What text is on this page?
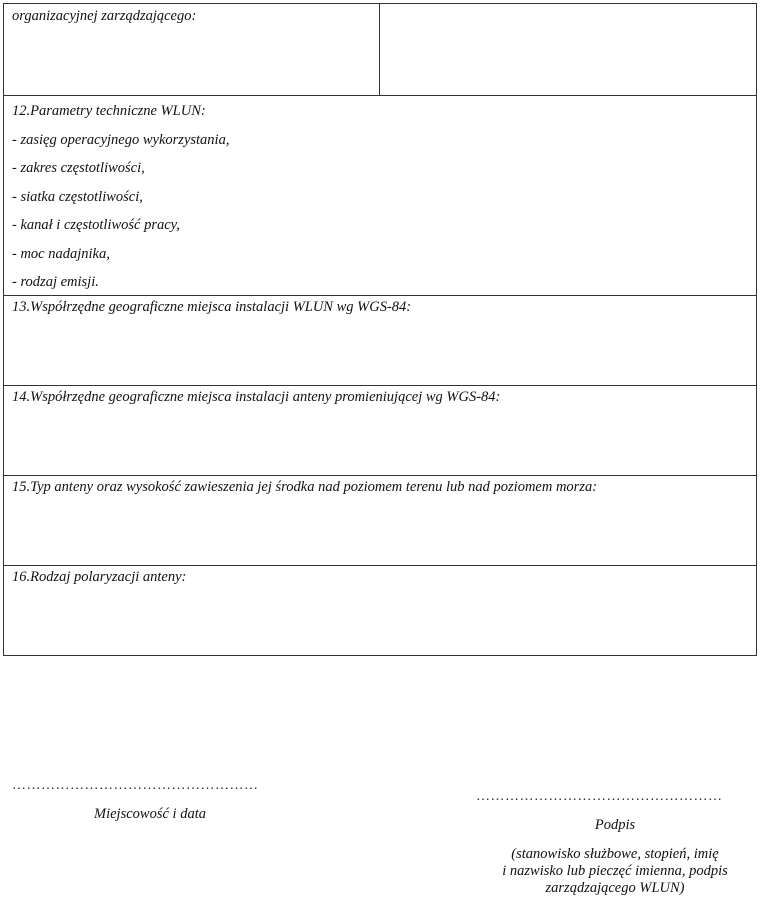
organizacyjnej zarządzającego:
12.Parametry techniczne WLUN:
- zasięg operacyjnego wykorzystania,
- zakres częstotliwości,
- siatka częstotliwości,
- kanał i częstotliwość pracy,
- moc nadajnika,
- rodzaj emisji.
13.Współrzędne geograficzne miejsca instalacji WLUN wg WGS-84:
14.Współrzędne geograficzne miejsca instalacji anteny promieniującej wg WGS-84:
15.Typ anteny oraz wysokość zawieszenia jej środka nad poziomem terenu lub nad poziomem morza:
16.Rodzaj polaryzacji anteny:
……………………………………………
Miejscowość i data
……………………………………………
Podpis
(stanowisko służbowe, stopień, imię
i nazwisko lub pieczęć imienna, podpis
zarządzającego WLUN)
